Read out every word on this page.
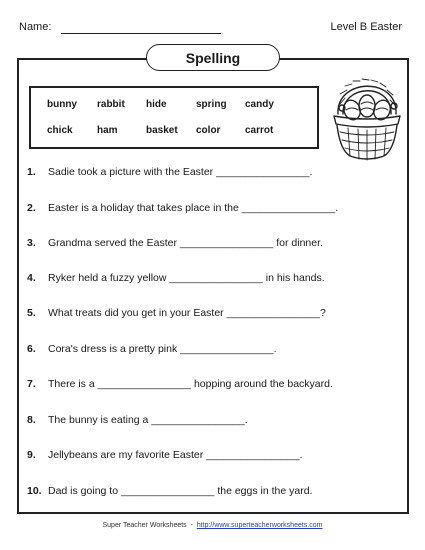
Name:	Level B Easter
Spelling
bunny rabbit hide	spring candy
chick ham	basket color carrot
1. Sadie took a picture with the Easter ________________.
2. Easter is a holiday that takes place in the ________________.
3. Grandma served the Easter ________________ for dinner.
4. Ryker held a fuzzy yellow ________________ in his hands.
5. What treats did you get in your Easter ________________?
6. Cora's dress is a pretty pink ________________.
7. There is a ________________ hopping around the backyard.
8. The bunny is eating a ________________.
9. Jellybeans are my favorite Easter ________________.
10. Dad is going to ________________ the eggs in the yard.
Super Teacher Worksheets - http://www.superteacherworksheets.com
